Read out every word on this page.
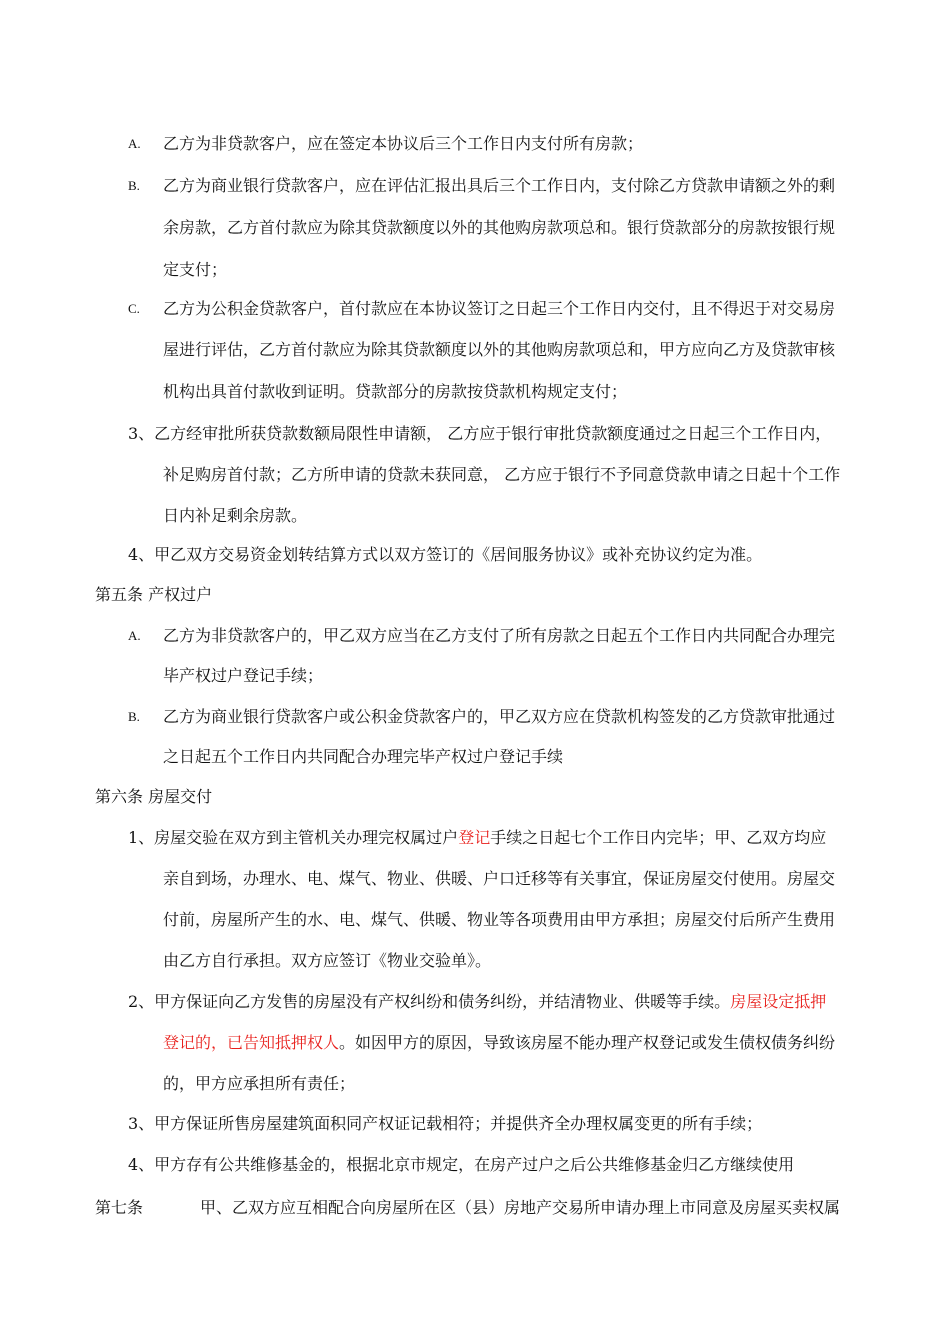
A. 乙方为非贷款客户，应在签定本协议后三个工作日内支付所有房款；
B. 乙方为商业银行贷款客户，应在评估汇报出具后三个工作日内，支付除乙方贷款申请额之外的剩
余房款，乙方首付款应为除其贷款额度以外的其他购房款项总和。银行贷款部分的房款按银行规
定支付；
C. 乙方为公积金贷款客户，首付款应在本协议签订之日起三个工作日内交付，且不得迟于对交易房
屋进行评估，乙方首付款应为除其贷款额度以外的其他购房款项总和，甲方应向乙方及贷款审核
机构出具首付款收到证明。贷款部分的房款按贷款机构规定支付；
3、乙方经审批所获贷款数额局限性申请额， 乙方应于银行审批贷款额度通过之日起三个工作日内，
补足购房首付款；乙方所申请的贷款未获同意， 乙方应于银行不予同意贷款申请之日起十个工作
日内补足剩余房款。
4、甲乙双方交易资金划转结算方式以双方签订的《居间服务协议》或补充协议约定为准。
第五条 产权过户
A. 乙方为非贷款客户的，甲乙双方应当在乙方支付了所有房款之日起五个工作日内共同配合办理完
毕产权过户登记手续；
B. 乙方为商业银行贷款客户或公积金贷款客户的，甲乙双方应在贷款机构签发的乙方贷款审批通过
之日起五个工作日内共同配合办理完毕产权过户登记手续
第六条 房屋交付
1、房屋交验在双方到主管机关办理完权属过户登记手续之日起七个工作日内完毕；甲、乙双方均应
亲自到场，办理水、电、煤气、物业、供暖、户口迁移等有关事宜，保证房屋交付使用。房屋交
付前，房屋所产生的水、电、煤气、供暖、物业等各项费用由甲方承担；房屋交付后所产生费用
由乙方自行承担。双方应签订《物业交验单》。
2、甲方保证向乙方发售的房屋没有产权纠纷和债务纠纷，并结清物业、供暖等手续。房屋设定抵押
登记的，已告知抵押权人。如因甲方的原因，导致该房屋不能办理产权登记或发生债权债务纠纷
的，甲方应承担所有责任；
3、甲方保证所售房屋建筑面积同产权证记载相符；并提供齐全办理权属变更的所有手续；
4、甲方存有公共维修基金的，根据北京市规定，在房产过户之后公共维修基金归乙方继续使用
第七条	甲、乙双方应互相配合向房屋所在区（县）房地产交易所申请办理上市同意及房屋买卖权属
